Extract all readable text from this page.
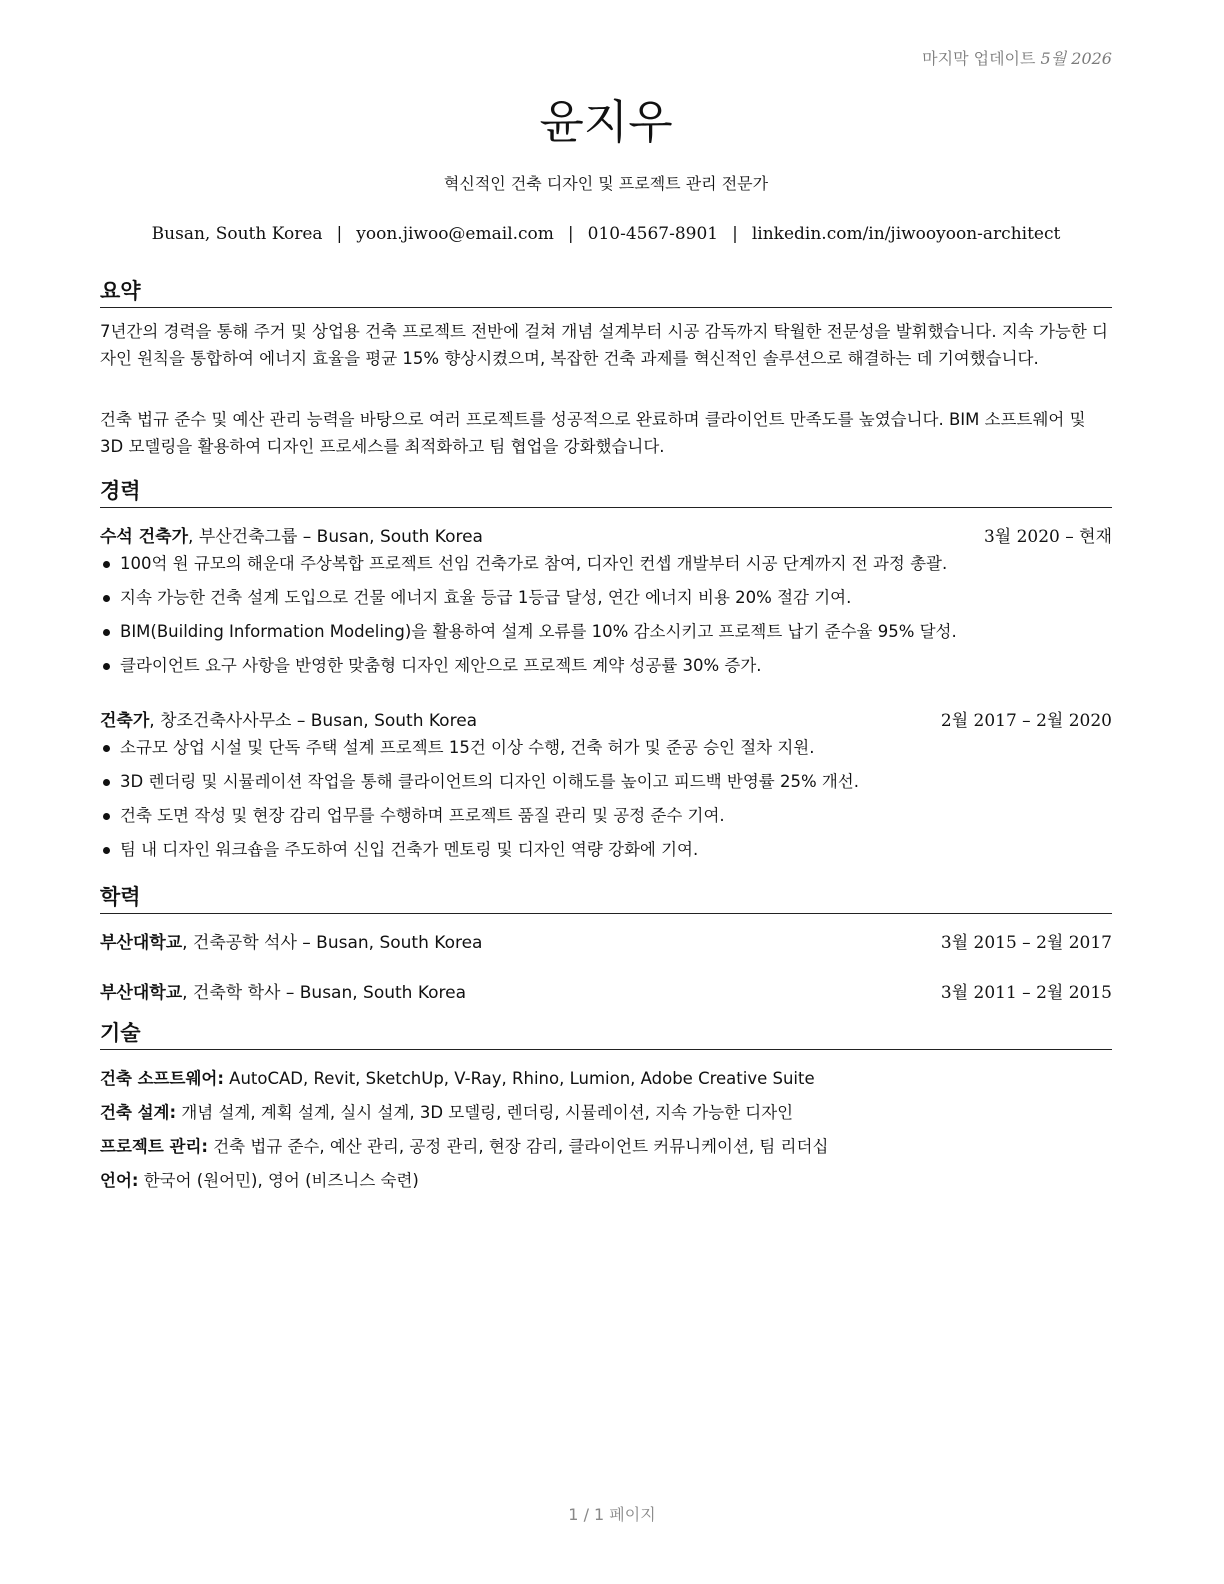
마지막 업데이트 5월 2026
윤지우
혁신적인 건축 디자인 및 프로젝트 관리 전문가
Busan, South Korea | yoon.jiwoo@email.com | 010-4567-8901 | linkedin.com/in/jiwooyoon-architect
요약

7년간의 경력을 통해 주거 및 상업용 건축 프로젝트 전반에 걸쳐 개념 설계부터 시공 감독까지 탁월한 전문성을 발휘했습니다. 지속 가능한 디자인 원칙을 통합하여 에너지 효율을 평균 15% 향상시켰으며, 복잡한 건축 과제를 혁신적인 솔루션으로 해결하는 데 기여했습니다.

건축 법규 준수 및 예산 관리 능력을 바탕으로 여러 프로젝트를 성공적으로 완료하며 클라이언트 만족도를 높였습니다. BIM 소프트웨어 및 3D 모델링을 활용하여 디자인 프로세스를 최적화하고 팀 협업을 강화했습니다.

경력
수석 건축가, 부산건축그룹 – Busan, South Korea	3월 2020 – 현재
100억 원 규모의 해운대 주상복합 프로젝트 선임 건축가로 참여, 디자인 컨셉 개발부터 시공 단계까지 전 과정 총괄.
지속 가능한 건축 설계 도입으로 건물 에너지 효율 등급 1등급 달성, 연간 에너지 비용 20% 절감 기여.
BIM(Building Information Modeling)을 활용하여 설계 오류를 10% 감소시키고 프로젝트 납기 준수율 95% 달성.
클라이언트 요구 사항을 반영한 맞춤형 디자인 제안으로 프로젝트 계약 성공률 30% 증가.
건축가, 창조건축사사무소 – Busan, South Korea	2월 2017 – 2월 2020
소규모 상업 시설 및 단독 주택 설계 프로젝트 15건 이상 수행, 건축 허가 및 준공 승인 절차 지원.
3D 렌더링 및 시뮬레이션 작업을 통해 클라이언트의 디자인 이해도를 높이고 피드백 반영률 25% 개선.
건축 도면 작성 및 현장 감리 업무를 수행하며 프로젝트 품질 관리 및 공정 준수 기여.
팀 내 디자인 워크숍을 주도하여 신입 건축가 멘토링 및 디자인 역량 강화에 기여.
학력
부산대학교, 건축공학 석사 – Busan, South Korea	3월 2015 – 2월 2017
부산대학교, 건축학 학사 – Busan, South Korea	3월 2011 – 2월 2015
기술
건축 소프트웨어: AutoCAD, Revit, SketchUp, V-Ray, Rhino, Lumion, Adobe Creative Suite
건축 설계: 개념 설계, 계획 설계, 실시 설계, 3D 모델링, 렌더링, 시뮬레이션, 지속 가능한 디자인
프로젝트 관리: 건축 법규 준수, 예산 관리, 공정 관리, 현장 감리, 클라이언트 커뮤니케이션, 팀 리더십
언어: 한국어 (원어민), 영어 (비즈니스 숙련)
1 / 1 페이지
